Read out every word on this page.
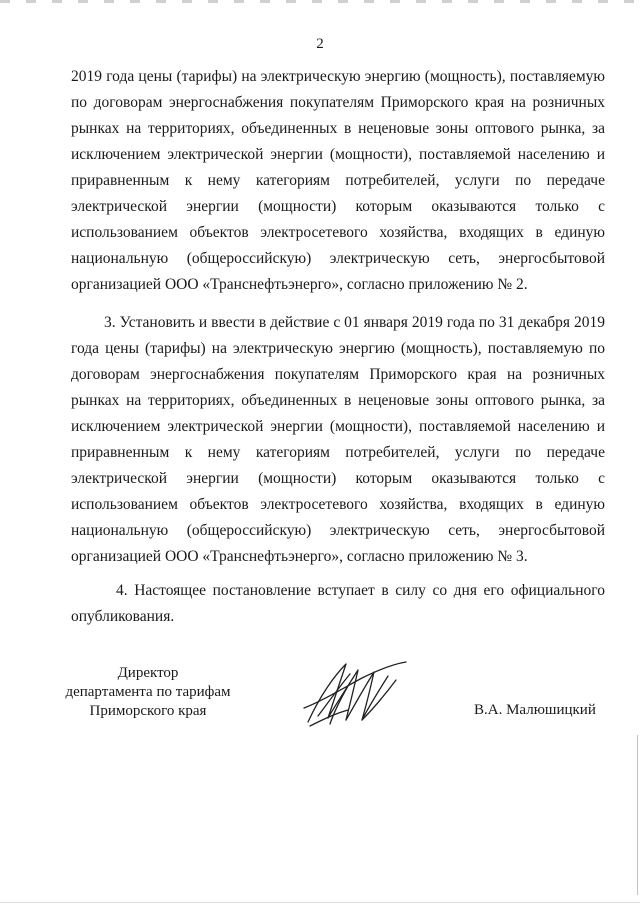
2
2019 года цены (тарифы) на электрическую энергию (мощность), поставляемую по договорам энергоснабжения покупателям Приморского края на розничных рынках на территориях, объединенных в неценовые зоны оптового рынка, за исключением электрической энергии (мощности), поставляемой населению и приравненным к нему категориям потребителей, услуги по передаче электрической энергии (мощности) которым оказываются только с использованием объектов электросетевого хозяйства, входящих в единую национальную (общероссийскую) электрическую сеть, энергосбытовой организацией ООО «Транснефтьэнерго», согласно приложению № 2.
3. Установить и ввести в действие с 01 января 2019 года по 31 декабря 2019 года цены (тарифы) на электрическую энергию (мощность), поставляемую по договорам энергоснабжения покупателям Приморского края на розничных рынках на территориях, объединенных в неценовые зоны оптового рынка, за исключением электрической энергии (мощности), поставляемой населению и приравненным к нему категориям потребителей, услуги по передаче электрической энергии (мощности) которым оказываются только с использованием объектов электросетевого хозяйства, входящих в единую национальную (общероссийскую) электрическую сеть, энергосбытовой организацией ООО «Транснефтьэнерго», согласно приложению № 3.
4. Настоящее постановление вступает в силу со дня его официального опубликования.
Директор
департамента по тарифам
Приморского края	В.А. Малюшицкий
